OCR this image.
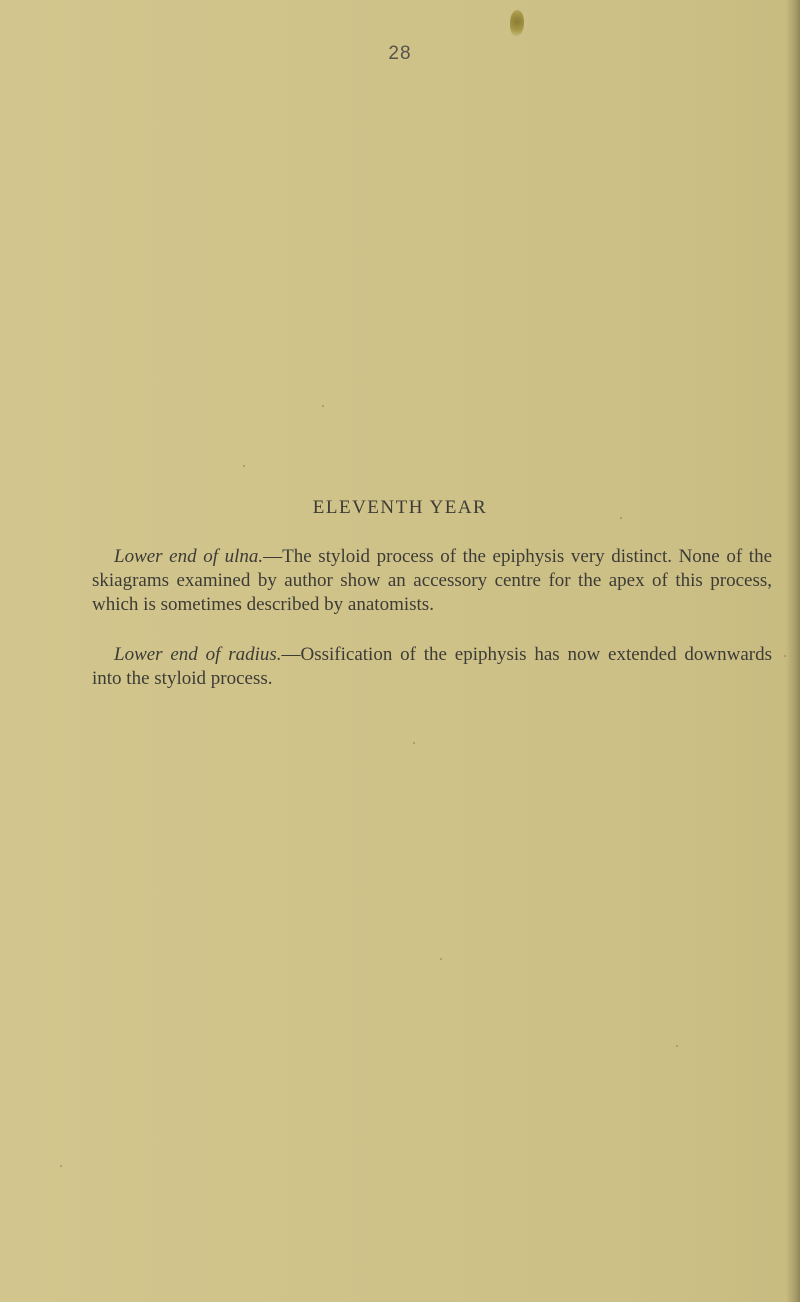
28
ELEVENTH YEAR

Lower end of ulna.—The styloid process of the epiphysis very distinct. None of the skiagrams examined by author show an accessory centre for the apex of this process, which is sometimes described by anatomists.

Lower end of radius.—Ossification of the epiphysis has now extended downwards into the styloid process.
